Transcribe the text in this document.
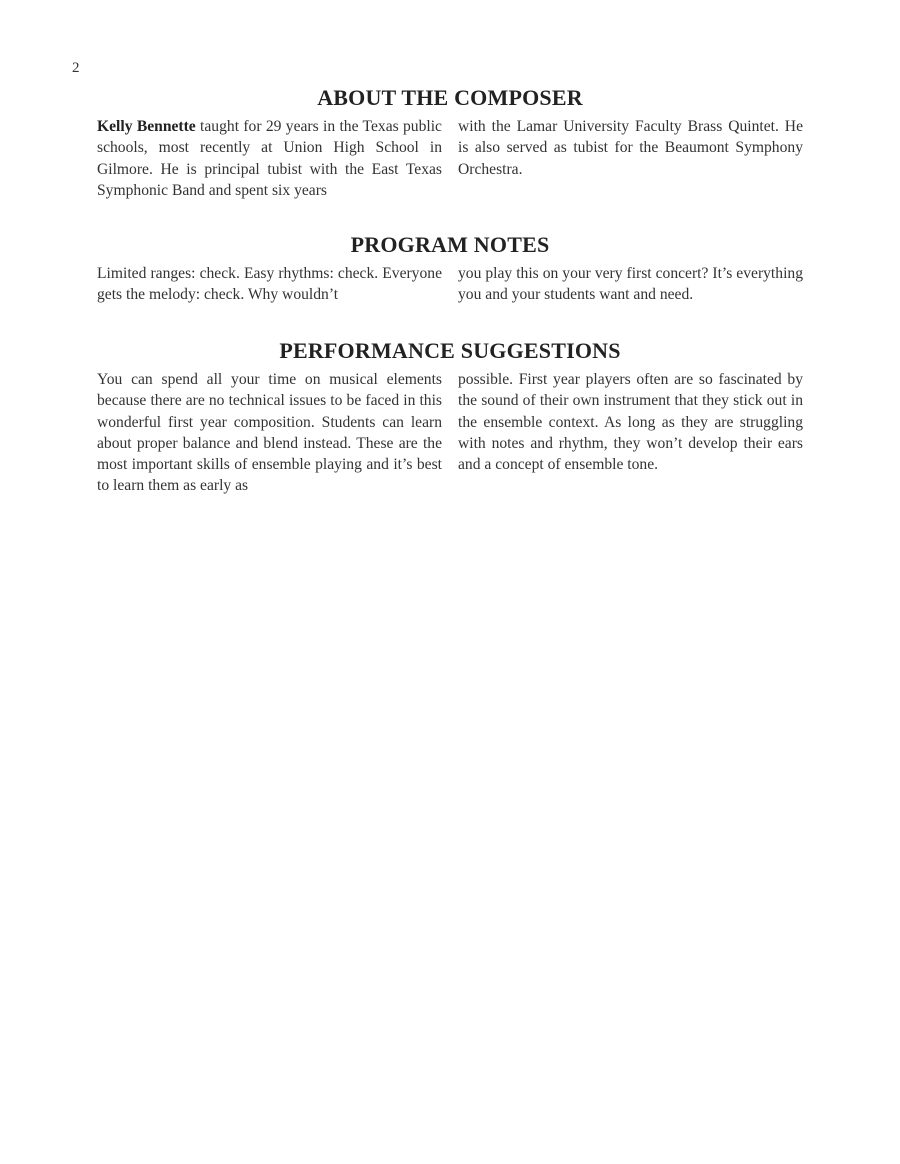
2
ABOUT THE COMPOSER

Kelly Bennette taught for 29 years in the Texas public schools, most recently at Union High School in Gilmore. He is principal tubist with the East Texas Symphonic Band and spent six years

with the Lamar University Faculty Brass Quintet. He is also served as tubist for the Beaumont Symphony Orchestra.

PROGRAM NOTES

Limited ranges: check. Easy rhythms: check. Everyone gets the melody: check. Why wouldn’t

you play this on your very first concert? It’s everything you and your students want and need.

PERFORMANCE SUGGESTIONS

You can spend all your time on musical elements because there are no technical issues to be faced in this wonderful first year composition. Students can learn about proper balance and blend instead. These are the most important skills of ensemble playing and it’s best to learn them as early as

possible. First year players often are so fascinated by the sound of their own instrument that they stick out in the ensemble context. As long as they are struggling with notes and rhythm, they won’t develop their ears and a concept of ensemble tone.
